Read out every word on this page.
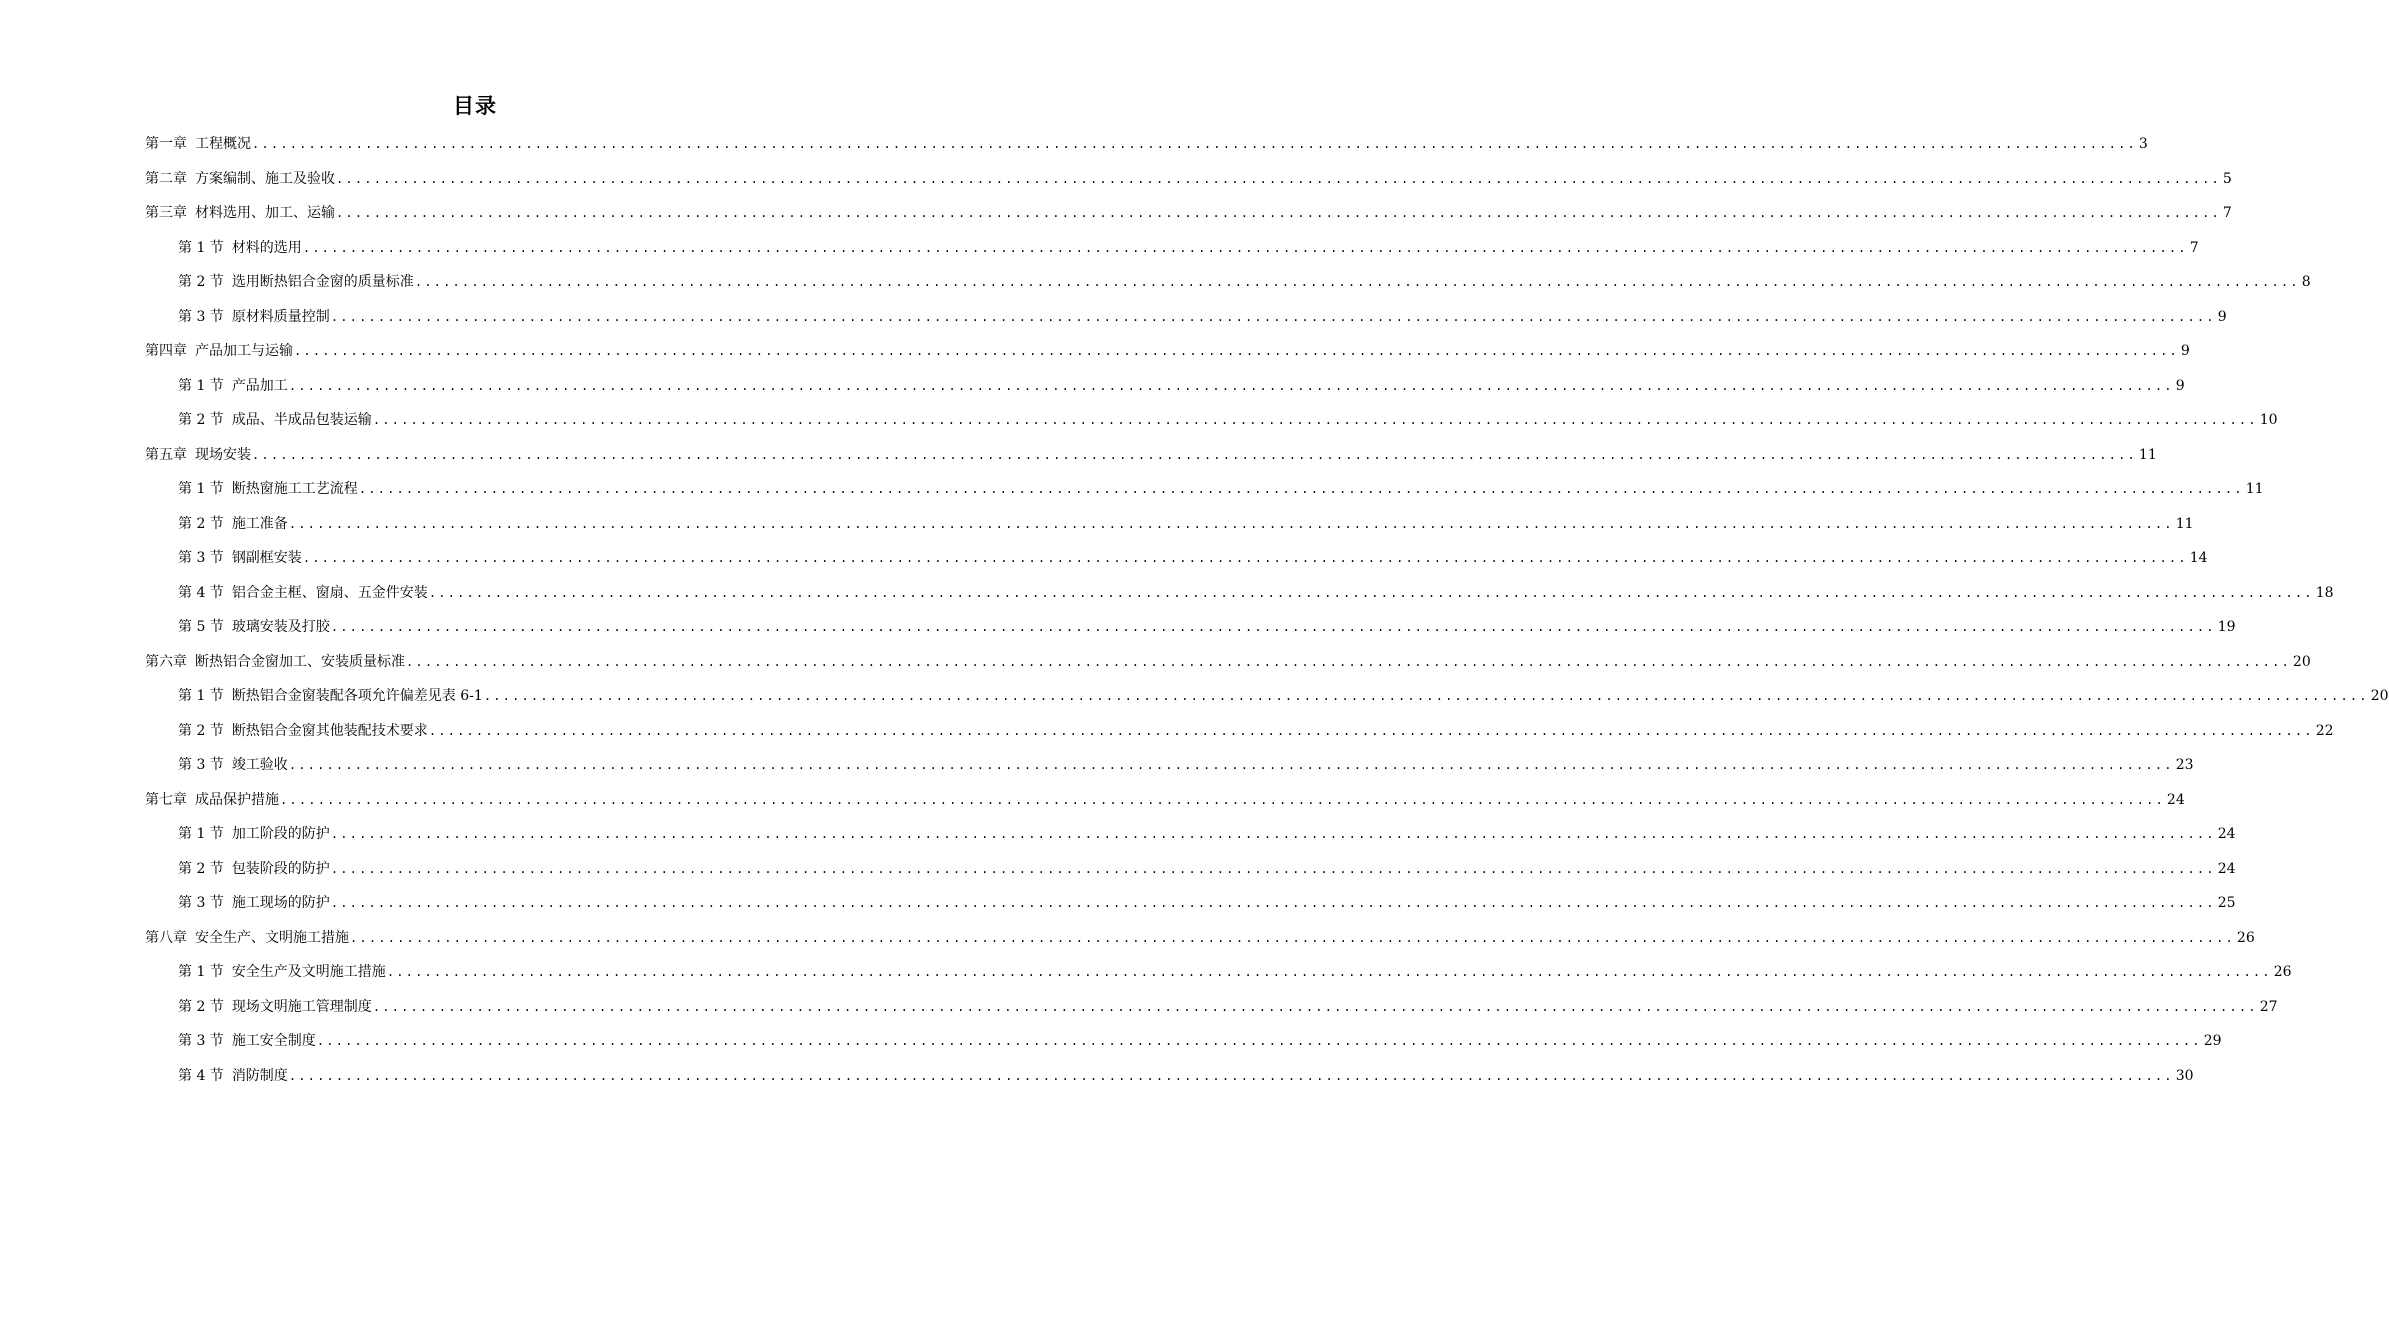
目录
第一章 工程概况 ........................................................................................................................................................................................................ 3
第二章 方案编制、施工及验收 ........................................................................................................................................................................................................ 5
第三章 材料选用、加工、运输 ........................................................................................................................................................................................................ 7
第 1 节 材料的选用 ........................................................................................................................................................................................................ 7
第 2 节 选用断热铝合金窗的质量标准 ........................................................................................................................................................................................................ 8
第 3 节 原材料质量控制 ........................................................................................................................................................................................................ 9
第四章 产品加工与运输 ........................................................................................................................................................................................................ 9
第 1 节 产品加工 ........................................................................................................................................................................................................ 9
第 2 节 成品、半成品包装运输 ........................................................................................................................................................................................................ 10
第五章 现场安装 ........................................................................................................................................................................................................ 11
第 1 节 断热窗施工工艺流程 ........................................................................................................................................................................................................ 11
第 2 节 施工准备 ........................................................................................................................................................................................................ 11
第 3 节 钢副框安装 ........................................................................................................................................................................................................ 14
第 4 节 铝合金主框、窗扇、五金件安装 ........................................................................................................................................................................................................ 18
第 5 节 玻璃安装及打胶 ........................................................................................................................................................................................................ 19
第六章 断热铝合金窗加工、安装质量标准 ........................................................................................................................................................................................................ 20
第 1 节 断热铝合金窗装配各项允许偏差见表 6-1 ........................................................................................................................................................................................................ 20
第 2 节 断热铝合金窗其他装配技术要求 ........................................................................................................................................................................................................ 22
第 3 节 竣工验收 ........................................................................................................................................................................................................ 23
第七章 成品保护措施 ........................................................................................................................................................................................................ 24
第 1 节 加工阶段的防护 ........................................................................................................................................................................................................ 24
第 2 节 包装阶段的防护 ........................................................................................................................................................................................................ 24
第 3 节 施工现场的防护 ........................................................................................................................................................................................................ 25
第八章 安全生产、文明施工措施 ........................................................................................................................................................................................................ 26
第 1 节 安全生产及文明施工措施 ........................................................................................................................................................................................................ 26
第 2 节 现场文明施工管理制度 ........................................................................................................................................................................................................ 27
第 3 节 施工安全制度 ........................................................................................................................................................................................................ 29
第 4 节 消防制度 ........................................................................................................................................................................................................ 30
